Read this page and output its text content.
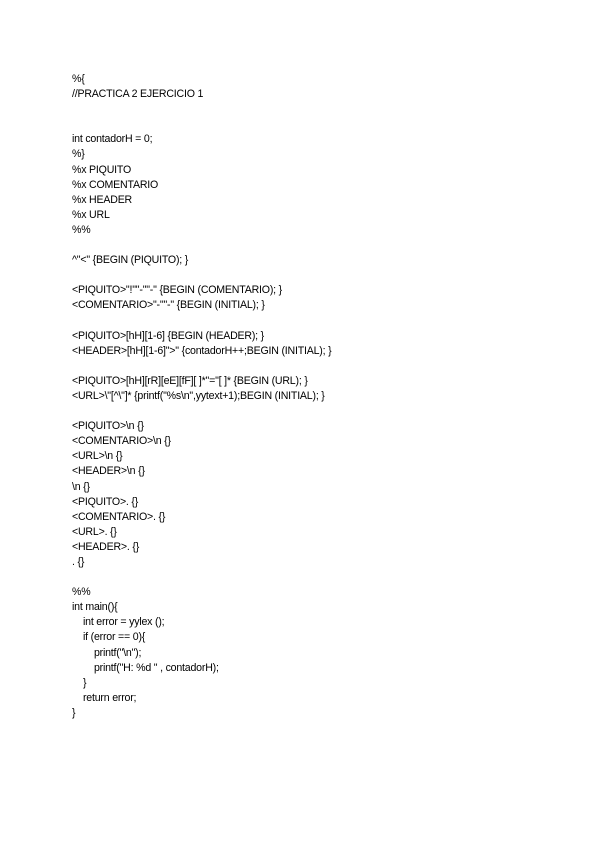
%{
//PRACTICA 2 EJERCICIO 1
int contadorH = 0;
%}
%x PIQUITO
%x COMENTARIO
%x HEADER
%x URL
%%
^"<" {BEGIN (PIQUITO); }
<PIQUITO>"!""-""-" {BEGIN (COMENTARIO); }
<COMENTARIO>"-""-" {BEGIN (INITIAL); }
<PIQUITO>[hH][1-6] {BEGIN (HEADER); }
<HEADER>[hH][1-6]">" {contadorH++;BEGIN (INITIAL); }
<PIQUITO>[hH][rR][eE][fF][ ]*"="[ ]* {BEGIN (URL); }
<URL>\"[^\"]* {printf("%s\n",yytext+1);BEGIN (INITIAL); }
<PIQUITO>\n {}
<COMENTARIO>\n {}
<URL>\n {}
<HEADER>\n {}
\n {}
<PIQUITO>. {}
<COMENTARIO>. {}
<URL>. {}
<HEADER>. {}
. {}
%%
int main(){
int error = yylex ();
if (error == 0){
printf("\n");
printf("H: %d " , contadorH);
}
return error;
}
